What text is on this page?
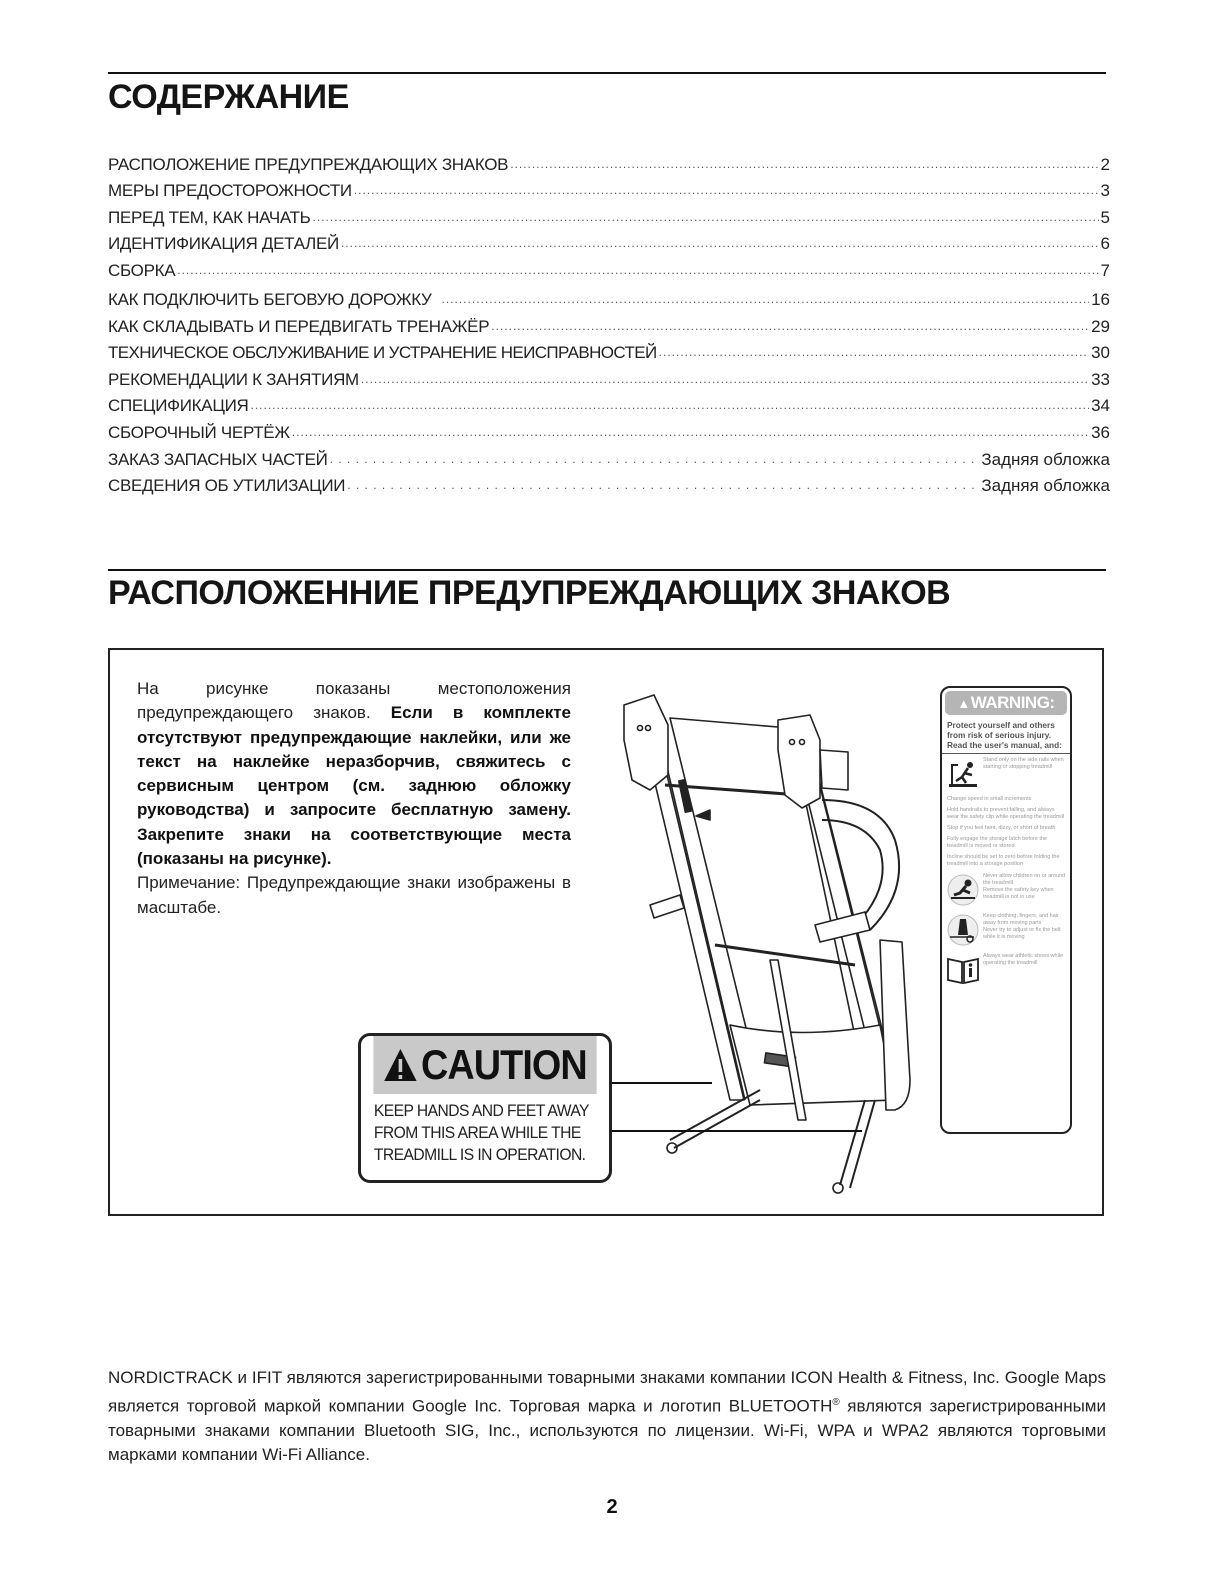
СОДЕРЖАНИЕ
РАСПОЛОЖЕНИЕ ПРЕДУПРЕЖДАЮЩИХ ЗНАКОВ .....	2
МЕРЫ ПРЕДОСТОРОЖНОСТИ .....	3
ПЕРЕД ТЕМ, КАК НАЧАТЬ .....	5
ИДЕНТИФИКАЦИЯ ДЕТАЛЕЙ .....	6
СБОРКА .....	7
КАК ПОДКЛЮЧИТЬ БЕГОВУЮ ДОРОЖКУ .....	16
КАК СКЛАДЫВАТЬ И ПЕРЕДВИГАТЬ ТРЕНАЖЁР .....	29
ТЕХНИЧЕСКОЕ ОБСЛУЖИВАНИЕ И УСТРАНЕНИЕ НЕИСПРАВНОСТЕЙ .....	30
РЕКОМЕНДАЦИИ К ЗАНЯТИЯМ .....	33
СПЕЦИФИКАЦИЯ .....	34
СБОРОЧНЫЙ ЧЕРТЁЖ .....	36
ЗАКАЗ ЗАПАСНЫХ ЧАСТЕЙ . . .	Задняя обложка
СВЕДЕНИЯ ОБ УТИЛИЗАЦИИ . . .	Задняя обложка
РАСПОЛОЖЕННИЕ ПРЕДУПРЕЖДАЮЩИХ ЗНАКОВ
На рисунке показаны местоположения предупреждающего знаков. Если в комплекте отсутствуют предупреждающие наклейки, или же текст на наклейке неразборчив, свяжитесь с сервисным центром (см. заднюю обложку руководства) и запросите бесплатную замену. Закрепите знаки на соответствующие места (показаны на рисунке).
Примечание: Предупреждающие знаки изображены в масштабе.
CAUTION
KEEP HANDS AND FEET AWAY
FROM THIS AREA WHILE THE
TREADMILL IS IN OPERATION.
▲ WARNING:
Protect yourself and others from risk of serious injury. Read the user's manual, and:
Stand only on the side rails when starting or stopping treadmill
Change speed in small increments
Hold handrails to prevent falling, and always wear the safety clip while operating the treadmill
Stop if you feel faint, dizzy, or short of breath
Fully engage the storage latch before the treadmill is moved or stored
Incline should be set to zero before folding the treadmill into a storage position
Never allow children on or around the treadmill
Remove the safety key when treadmill is not in use
Keep clothing, fingers, and hair away from moving parts
Never try to adjust or fix the belt while it is moving
Always wear athletic shoes while operating the treadmill
NORDICTRACK и IFIT являются зарегистрированными товарными знаками компании ICON Health & Fitness, Inc. Google Maps является торговой маркой компании Google Inc. Торговая марка и логотип BLUETOOTH® являются зарегистрированными товарными знаками компании Bluetooth SIG, Inc., используются по лицензии. Wi-Fi, WPA и WPA2 являются торговыми марками компании Wi-Fi Alliance.
2
